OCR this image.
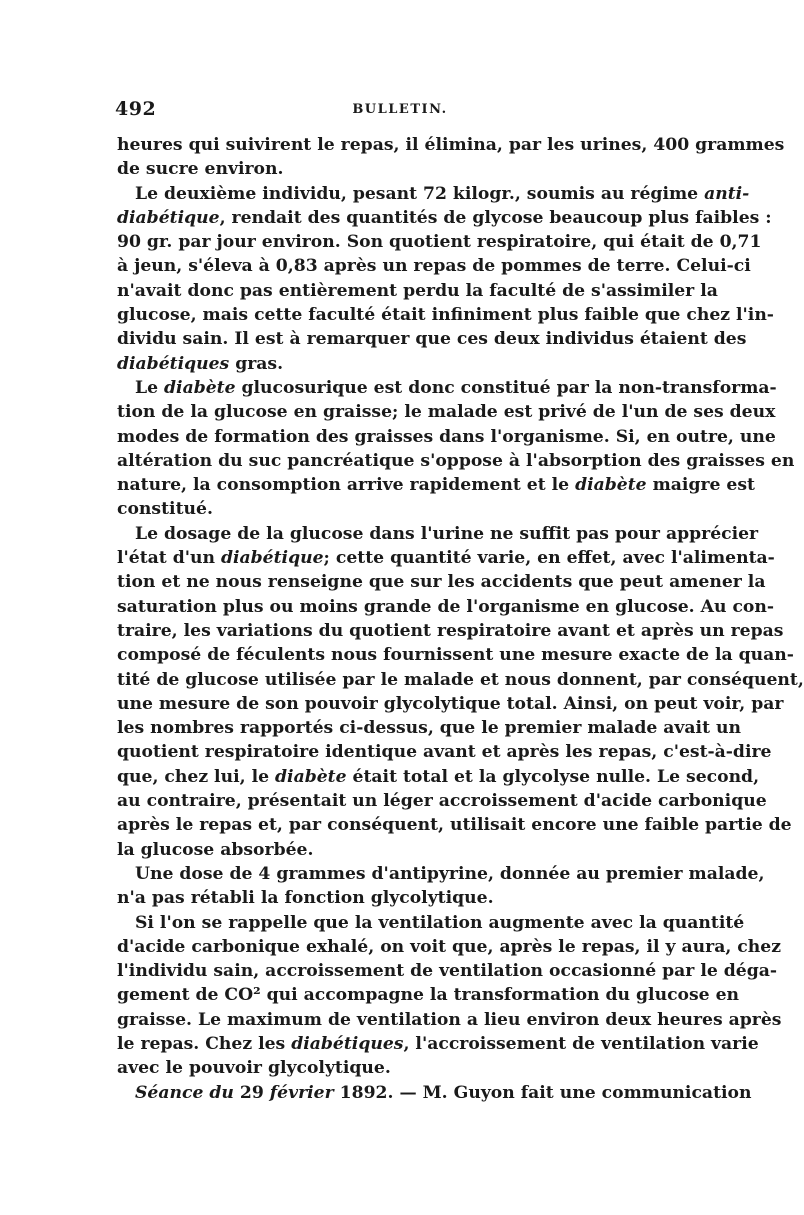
492	BULLETIN.
heures qui suivirent le repas, il élimina, par les urines, 400 grammes
de sucre environ.
Le deuxième individu, pesant 72 kilogr., soumis au régime anti-
diabétique, rendait des quantités de glycose beaucoup plus faibles :
90 gr. par jour environ. Son quotient respiratoire, qui était de 0,71
à jeun, s'éleva à 0,83 après un repas de pommes de terre. Celui-ci
n'avait donc pas entièrement perdu la faculté de s'assimiler la
glucose, mais cette faculté était infiniment plus faible que chez l'in-
dividu sain. Il est à remarquer que ces deux individus étaient des
diabétiques gras.
Le diabète glucosurique est donc constitué par la non-transforma-
tion de la glucose en graisse; le malade est privé de l'un de ses deux
modes de formation des graisses dans l'organisme. Si, en outre, une
altération du suc pancréatique s'oppose à l'absorption des graisses en
nature, la consomption arrive rapidement et le diabète maigre est
constitué.
Le dosage de la glucose dans l'urine ne suffit pas pour apprécier
l'état d'un diabétique; cette quantité varie, en effet, avec l'alimenta-
tion et ne nous renseigne que sur les accidents que peut amener la
saturation plus ou moins grande de l'organisme en glucose. Au con-
traire, les variations du quotient respiratoire avant et après un repas
composé de féculents nous fournissent une mesure exacte de la quan-
tité de glucose utilisée par le malade et nous donnent, par conséquent,
une mesure de son pouvoir glycolytique total. Ainsi, on peut voir, par
les nombres rapportés ci-dessus, que le premier malade avait un
quotient respiratoire identique avant et après les repas, c'est-à-dire
que, chez lui, le diabète était total et la glycolyse nulle. Le second,
au contraire, présentait un léger accroissement d'acide carbonique
après le repas et, par conséquent, utilisait encore une faible partie de
la glucose absorbée.
Une dose de 4 grammes d'antipyrine, donnée au premier malade,
n'a pas rétabli la fonction glycolytique.
Si l'on se rappelle que la ventilation augmente avec la quantité
d'acide carbonique exhalé, on voit que, après le repas, il y aura, chez
l'individu sain, accroissement de ventilation occasionné par le déga-
gement de CO² qui accompagne la transformation du glucose en
graisse. Le maximum de ventilation a lieu environ deux heures après
le repas. Chez les diabétiques, l'accroissement de ventilation varie
avec le pouvoir glycolytique.
Séance du 29 février 1892. — M. Guyon fait une communication
